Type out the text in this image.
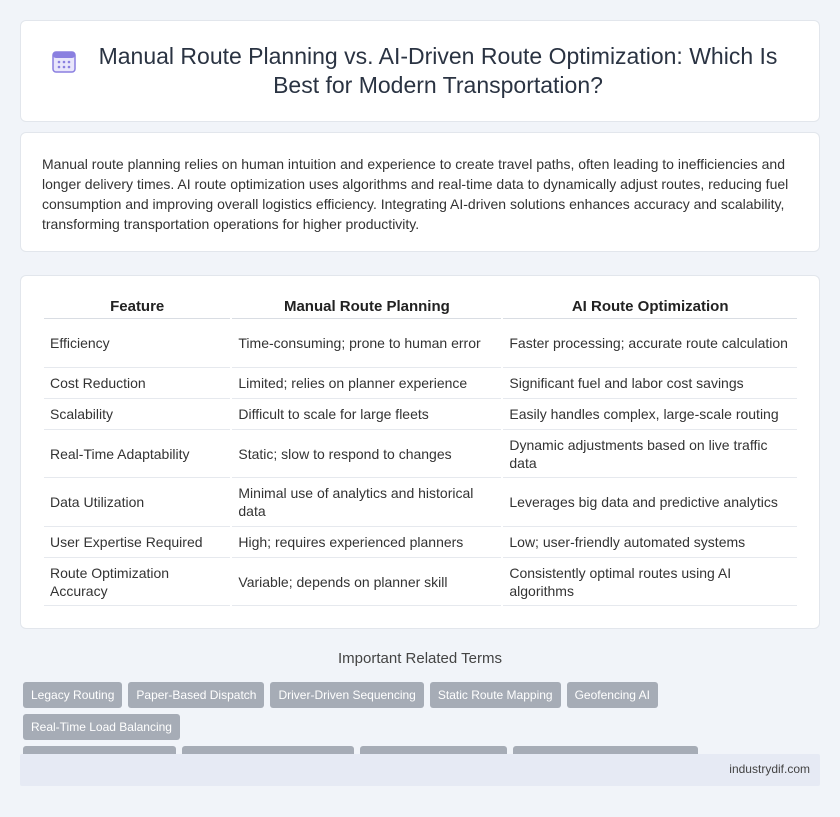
Manual Route Planning vs. AI-Driven Route Optimization: Which Is Best for Modern Transportation?

Manual route planning relies on human intuition and experience to create travel paths, often leading to inefficiencies and longer delivery times. AI route optimization uses algorithms and real-time data to dynamically adjust routes, reducing fuel consumption and improving overall logistics efficiency. Integrating AI-driven solutions enhances accuracy and scalability, transforming transportation operations for higher productivity.

Feature	Manual Route Planning	AI Route Optimization
Efficiency	Time-consuming; prone to human error	Faster processing; accurate route calculation
Cost Reduction	Limited; relies on planner experience	Significant fuel and labor cost savings
Scalability	Difficult to scale for large fleets	Easily handles complex, large-scale routing
Real-Time Adaptability	Static; slow to respond to changes	Dynamic adjustments based on live traffic data
Data Utilization	Minimal use of analytics and historical data	Leverages big data and predictive analytics
User Expertise Required	High; requires experienced planners	Low; user-friendly automated systems
Route Optimization Accuracy	Variable; depends on planner skill	Consistently optimal routes using AI algorithms
Important Related Terms
Legacy Routing Paper-Based Dispatch Driver-Driven Sequencing Static Route Mapping Geofencing AIReal-Time Load Balancing

industrydif.com
